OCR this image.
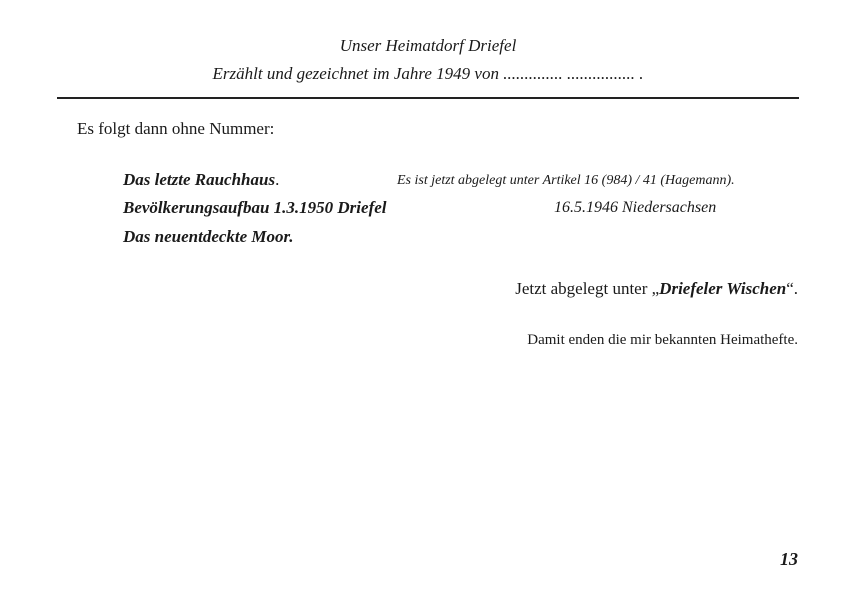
Unser Heimatdorf Driefel
Erzählt und gezeichnet im Jahre 1949 von .............. ................ .
Es folgt dann ohne Nummer:
Das letzte Rauchhaus.	Es ist jetzt abgelegt unter Artikel 16 (984) / 41 (Hagemann).
Bevölkerungsaufbau 1.3.1950 Driefel	16.5.1946 Niedersachsen
Das neuentdeckte Moor.
Jetzt abgelegt unter „Driefeler Wischen“.
Damit enden die mir bekannten Heimathefte.
13
